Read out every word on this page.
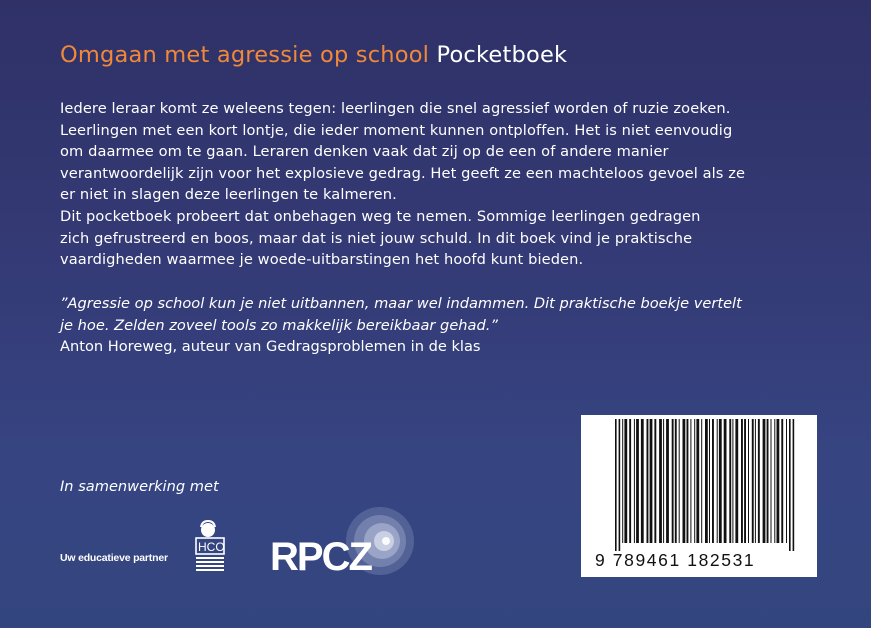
Omgaan met agressie op school Pocketboek

Iedere leraar komt ze weleens tegen: leerlingen die snel agressief worden of ruzie zoeken.

Leerlingen met een kort lontje, die ieder moment kunnen ontploffen. Het is niet eenvoudig

om daarmee om te gaan. Leraren denken vaak dat zij op de een of andere manier

verantwoordelijk zijn voor het explosieve gedrag. Het geeft ze een machteloos gevoel als ze

er niet in slagen deze leerlingen te kalmeren.

Dit pocketboek probeert dat onbehagen weg te nemen. Sommige leerlingen gedragen

zich gefrustreerd en boos, maar dat is niet jouw schuld. In dit boek vind je praktische

vaardigheden waarmee je woede-uitbarstingen het hoofd kunt bieden.

”Agressie op school kun je niet uitbannen, maar wel indammen. Dit praktische boekje vertelt

je hoe. Zelden zoveel tools zo makkelijk bereikbaar gehad.”

Anton Horeweg, auteur van Gedragsproblemen in de klas

In samenwerking met
Uw educatieve partner
HCO RPCZ	9 789461 182531
